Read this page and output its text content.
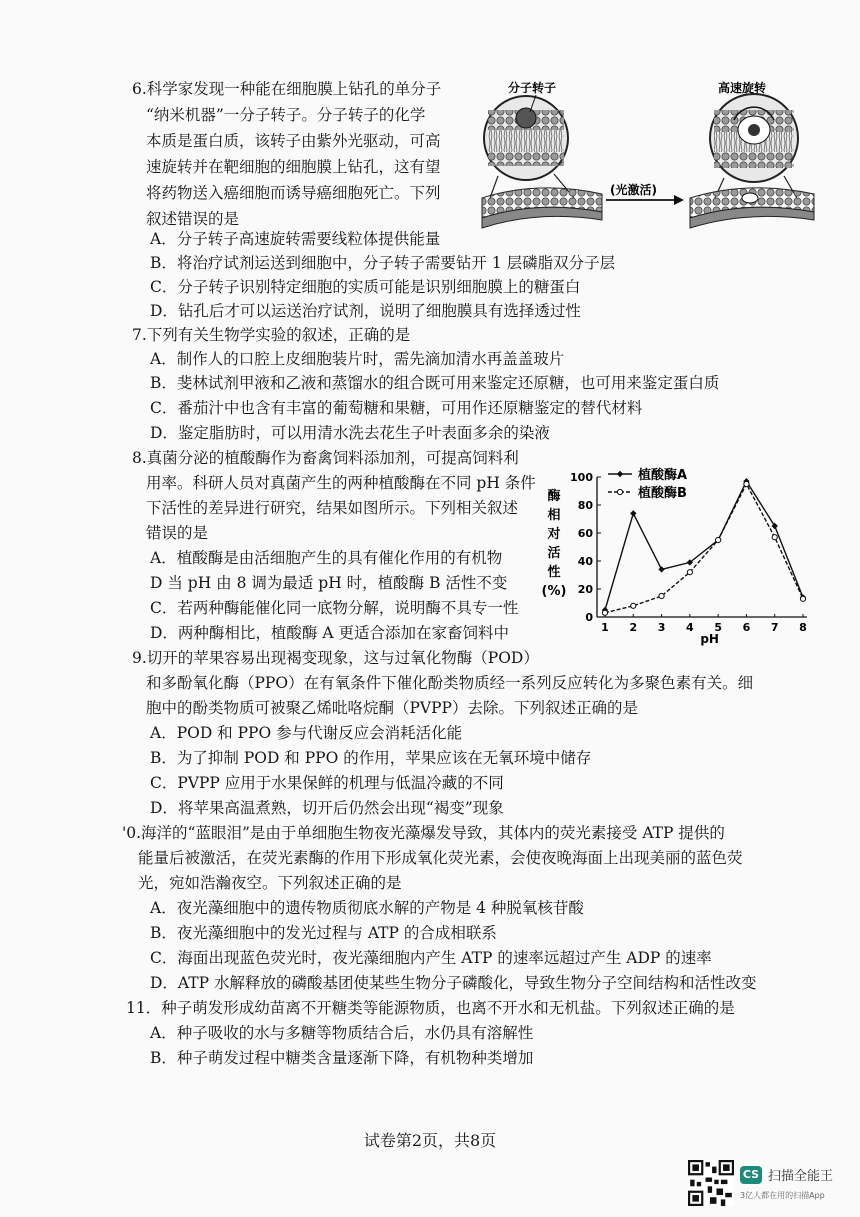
6.科学家发现一种能在细胞膜上钻孔的单分子
“纳米机器”一分子转子。分子转子的化学
本质是蛋白质，该转子由紫外光驱动，可高
速旋转并在靶细胞的细胞膜上钻孔，这有望
将药物送入癌细胞而诱导癌细胞死亡。下列
叙述错误的是
A．分子转子高速旋转需要线粒体提供能量
B．将治疗试剂运送到细胞中，分子转子需要钻开 1 层磷脂双分子层
C．分子转子识别特定细胞的实质可能是识别细胞膜上的糖蛋白
D．钻孔后才可以运送治疗试剂，说明了细胞膜具有选择透过性
(光激活)
分子转子	高速旋转
7.下列有关生物学实验的叙述，正确的是
A．制作人的口腔上皮细胞装片时，需先滴加清水再盖盖玻片
B．斐林试剂甲液和乙液和蒸馏水的组合既可用来鉴定还原糖，也可用来鉴定蛋白质
C．番茄汁中也含有丰富的葡萄糖和果糖，可用作还原糖鉴定的替代材料
D．鉴定脂肪时，可以用清水洗去花生子叶表面多余的染液
8.真菌分泌的植酸酶作为畜禽饲料添加剂，可提高饲料利
用率。科研人员对真菌产生的两种植酸酶在不同 pH 条件
下活性的差异进行研究，结果如图所示。下列相关叙述
错误的是
A．植酸酶是由活细胞产生的具有催化作用的有机物
D 当 pH 由 8 调为最适 pH 时，植酸酶 B 活性不变
C．若两种酶能催化同一底物分解，说明酶不具专一性
D．两种酶相比，植酸酶 A 更适合添加在家畜饲料中
0
20
40
60
80
100
1 2 3 4 5 6 7 8
pH
酶
相
对
活
性
(%)
植酸酶A
植酸酶B
9.切开的苹果容易出现褐变现象，这与过氧化物酶（POD）
和多酚氧化酶（PPO）在有氧条件下催化酚类物质经一系列反应转化为多聚色素有关。细
胞中的酚类物质可被聚乙烯吡咯烷酮（PVPP）去除。下列叙述正确的是
A．POD 和 PPO 参与代谢反应会消耗活化能
B．为了抑制 POD 和 PPO 的作用，苹果应该在无氧环境中储存
C．PVPP 应用于水果保鲜的机理与低温冷藏的不同
D．将苹果高温煮熟，切开后仍然会出现“褐变”现象
'0.海洋的“蓝眼泪”是由于单细胞生物夜光藻爆发导致，其体内的荧光素接受 ATP 提供的
能量后被激活，在荧光素酶的作用下形成氧化荧光素，会使夜晚海面上出现美丽的蓝色荧
光，宛如浩瀚夜空。下列叙述正确的是
A．夜光藻细胞中的遗传物质彻底水解的产物是 4 种脱氧核苷酸
B．夜光藻细胞中的发光过程与 ATP 的合成相联系
C．海面出现蓝色荧光时，夜光藻细胞内产生 ATP 的速率远超过产生 ADP 的速率
D．ATP 水解释放的磷酸基团使某些生物分子磷酸化，导致生物分子空间结构和活性改变
11．种子萌发形成幼苗离不开糖类等能源物质，也离不开水和无机盐。下列叙述正确的是
A．种子吸收的水与多糖等物质结合后，水仍具有溶解性
B．种子萌发过程中糖类含量逐渐下降，有机物种类增加
试卷第2页，共8页
CS 扫描全能王
3亿人都在用的扫描App
